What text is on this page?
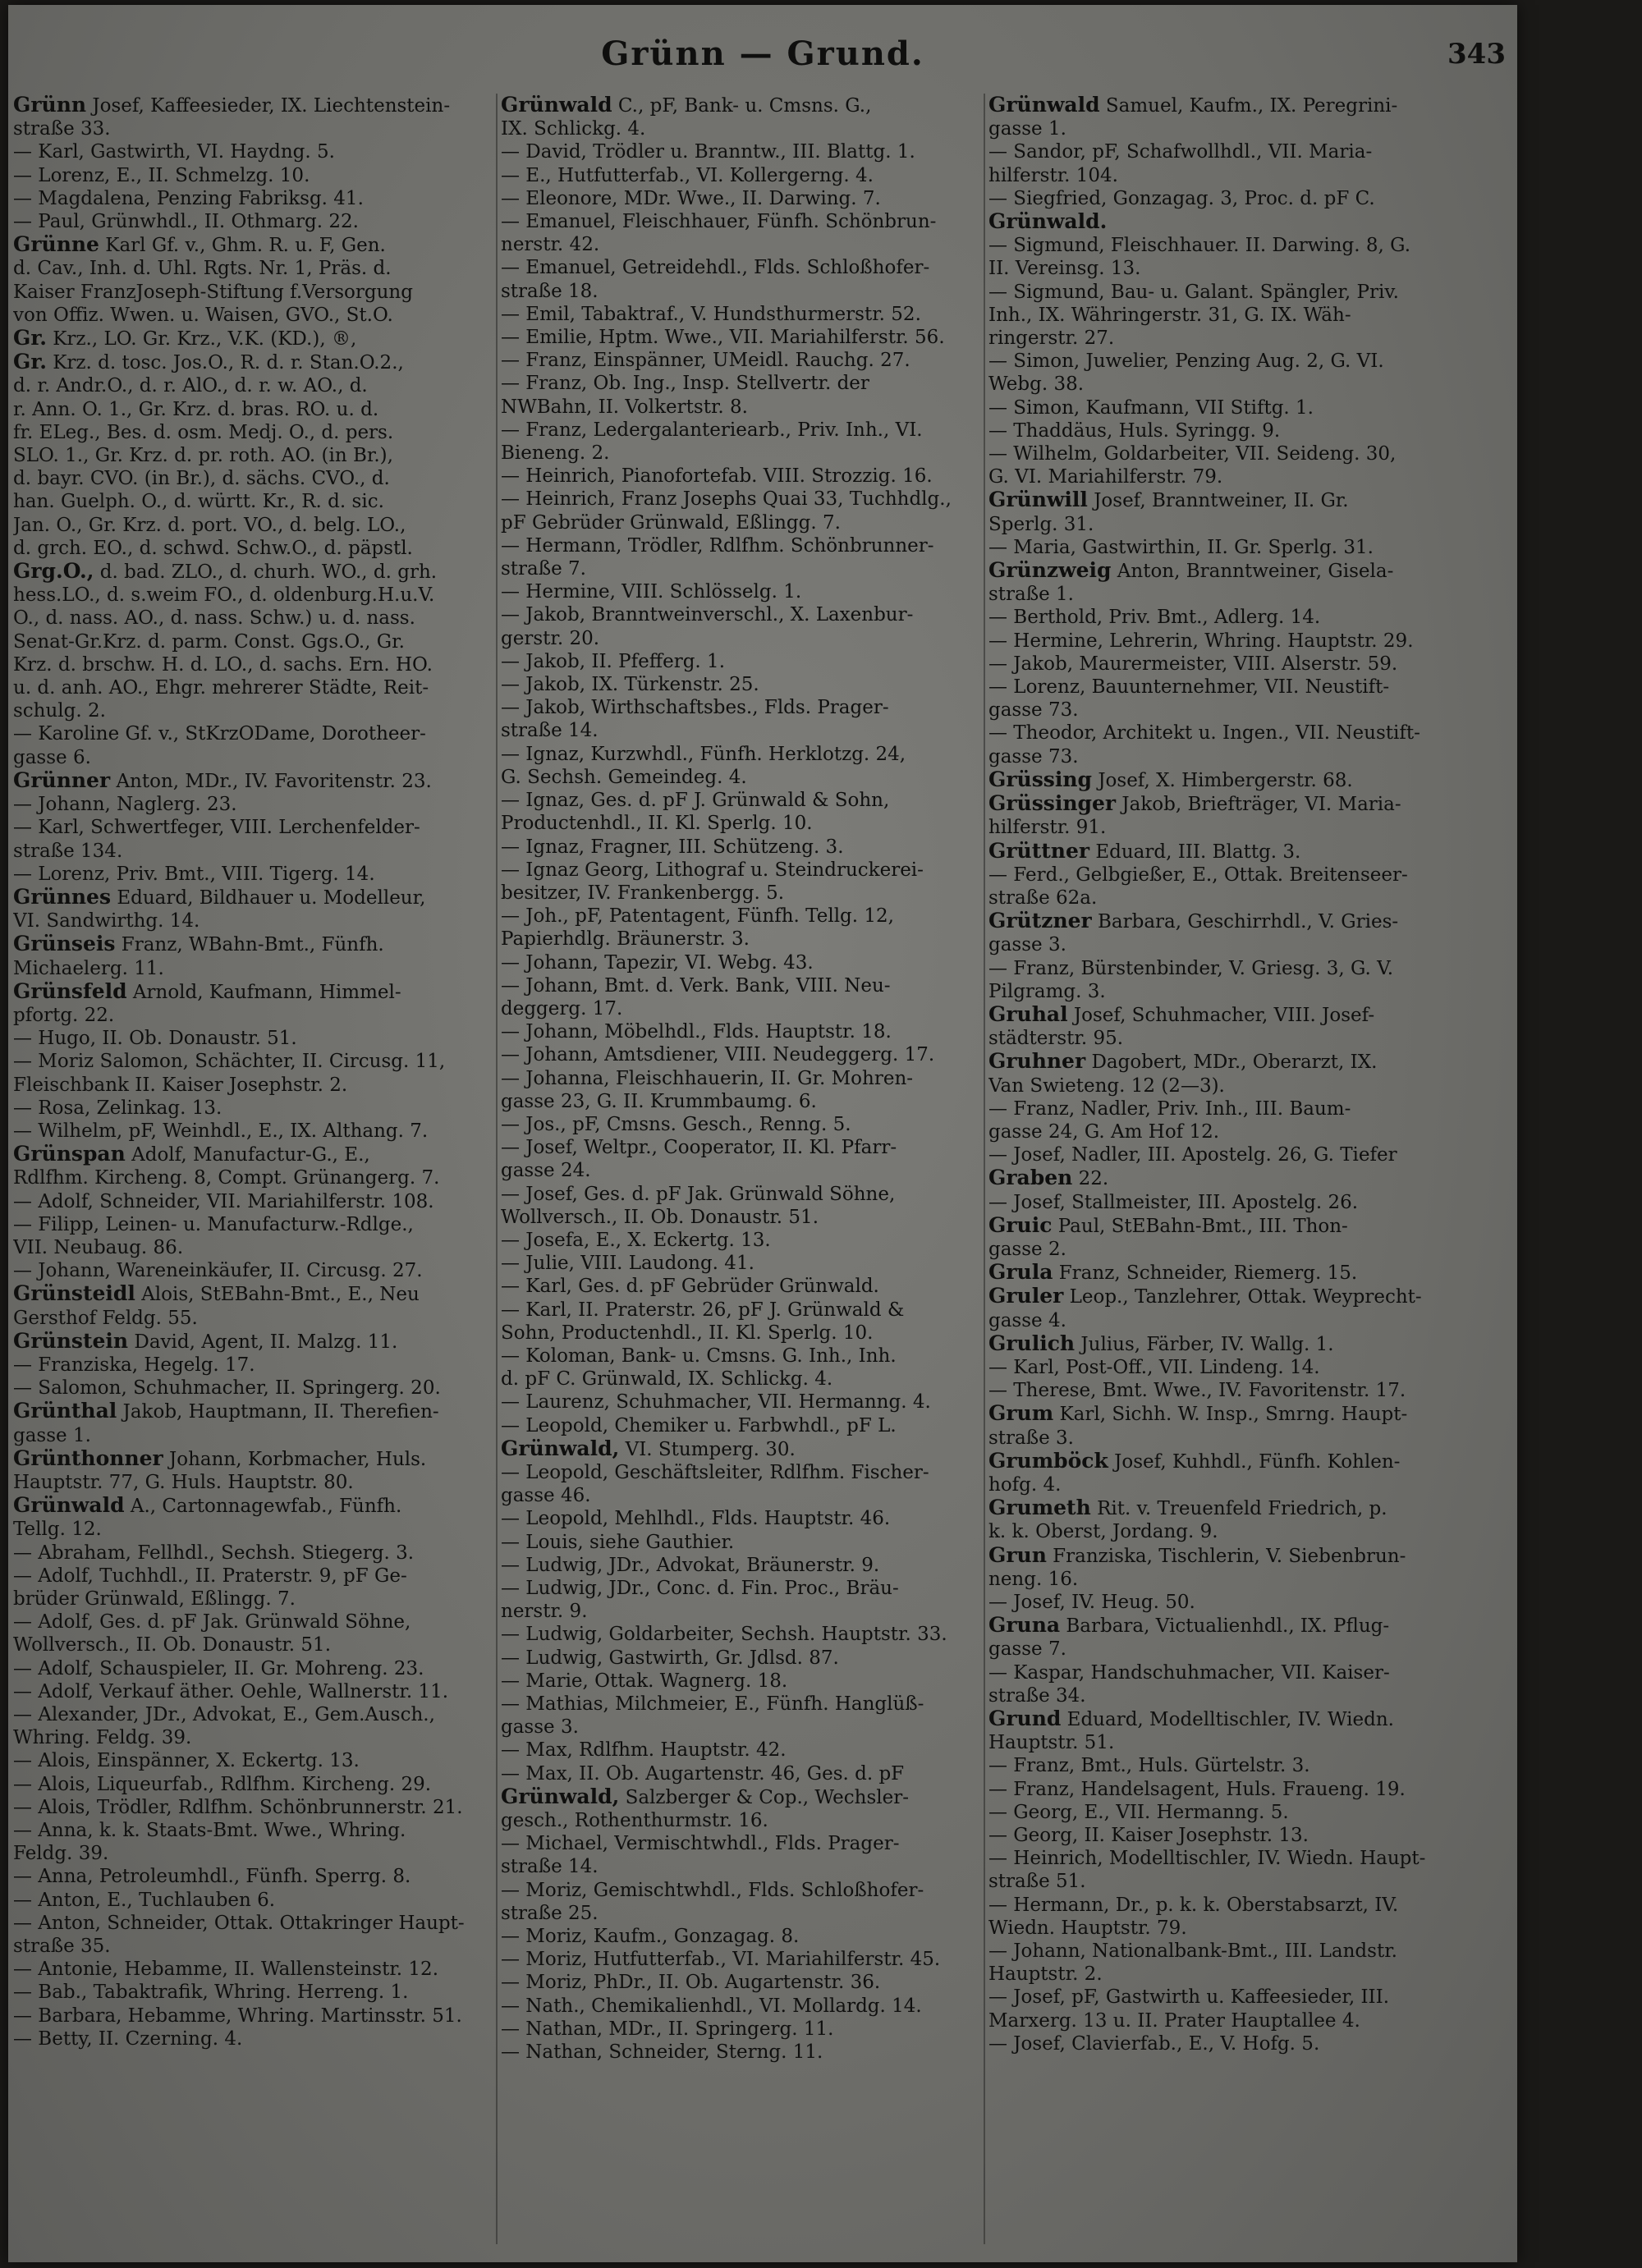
Grünn — Grund.	343
Grünn Josef, Kaffeesieder, IX. Liechtenstein-
straße 33.
— Karl, Gastwirth, VI. Haydng. 5.
— Lorenz, E., II. Schmelzg. 10.
— Magdalena, Penzing Fabriksg. 41.
— Paul, Grünwhdl., II. Othmarg. 22.
Grünne Karl Gf. v., Ghm. R. u. F, Gen.
d. Cav., Inh. d. Uhl. Rgts. Nr. 1, Präs. d.
Kaiser FranzJoseph-Stiftung f.Versorgung
von Offiz. Wwen. u. Waisen, GVO., St.O.
Gr. Krz., LO. Gr. Krz., V.K. (KD.), ®,
Gr. Krz. d. tosc. Jos.O., R. d. r. Stan.O.2.,
d. r. Andr.O., d. r. AlO., d. r. w. AO., d.
r. Ann. O. 1., Gr. Krz. d. bras. RO. u. d.
fr. ELeg., Bes. d. osm. Medj. O., d. pers.
SLO. 1., Gr. Krz. d. pr. roth. AO. (in Br.),
d. bayr. CVO. (in Br.), d. sächs. CVO., d.
han. Guelph. O., d. württ. Kr., R. d. sic.
Jan. O., Gr. Krz. d. port. VO., d. belg. LO.,
d. grch. EO., d. schwd. Schw.O., d. päpstl.
Grg.O., d. bad. ZLO., d. churh. WO., d. grh.
hess.LO., d. s.weim FO., d. oldenburg.H.u.V.
O., d. nass. AO., d. nass. Schw.) u. d. nass.
Senat-Gr.Krz. d. parm. Const. Ggs.O., Gr.
Krz. d. brschw. H. d. LO., d. sachs. Ern. HO.
u. d. anh. AO., Ehgr. mehrerer Städte, Reit-
schulg. 2.
— Karoline Gf. v., StKrzODame, Dorotheer-
gasse 6.
Grünner Anton, MDr., IV. Favoritenstr. 23.
— Johann, Naglerg. 23.
— Karl, Schwertfeger, VIII. Lerchenfelder-
straße 134.
— Lorenz, Priv. Bmt., VIII. Tigerg. 14.
Grünnes Eduard, Bildhauer u. Modelleur,
VI. Sandwirthg. 14.
Grünseis Franz, WBahn-Bmt., Fünfh.
Michaelerg. 11.
Grünsfeld Arnold, Kaufmann, Himmel-
pfortg. 22.
— Hugo, II. Ob. Donaustr. 51.
— Moriz Salomon, Schächter, II. Circusg. 11,
Fleischbank II. Kaiser Josephstr. 2.
— Rosa, Zelinkag. 13.
— Wilhelm, pF, Weinhdl., E., IX. Althang. 7.
Grünspan Adolf, Manufactur-G., E.,
Rdlfhm. Kircheng. 8, Compt. Grünangerg. 7.
— Adolf, Schneider, VII. Mariahilferstr. 108.
— Filipp, Leinen- u. Manufacturw.-Rdlge.,
VII. Neubaug. 86.
— Johann, Wareneinkäufer, II. Circusg. 27.
Grünsteidl Alois, StEBahn-Bmt., E., Neu
Gersthof Feldg. 55.
Grünstein David, Agent, II. Malzg. 11.
— Franziska, Hegelg. 17.
— Salomon, Schuhmacher, II. Springerg. 20.
Grünthal Jakob, Hauptmann, II. Therefien-
gasse 1.
Grünthonner Johann, Korbmacher, Huls.
Hauptstr. 77, G. Huls. Hauptstr. 80.
Grünwald A., Cartonnagewfab., Fünfh.
Tellg. 12.
— Abraham, Fellhdl., Sechsh. Stiegerg. 3.
— Adolf, Tuchhdl., II. Praterstr. 9, pF Ge-
brüder Grünwald, Eßlingg. 7.
— Adolf, Ges. d. pF Jak. Grünwald Söhne,
Wollversch., II. Ob. Donaustr. 51.
— Adolf, Schauspieler, II. Gr. Mohreng. 23.
— Adolf, Verkauf äther. Oehle, Wallnerstr. 11.
— Alexander, JDr., Advokat, E., Gem.Ausch.,
Whring. Feldg. 39.
— Alois, Einspänner, X. Eckertg. 13.
— Alois, Liqueurfab., Rdlfhm. Kircheng. 29.
— Alois, Trödler, Rdlfhm. Schönbrunnerstr. 21.
— Anna, k. k. Staats-Bmt. Wwe., Whring.
Feldg. 39.
— Anna, Petroleumhdl., Fünfh. Sperrg. 8.
— Anton, E., Tuchlauben 6.
— Anton, Schneider, Ottak. Ottakringer Haupt-
straße 35.
— Antonie, Hebamme, II. Wallensteinstr. 12.
— Bab., Tabaktrafik, Whring. Herreng. 1.
— Barbara, Hebamme, Whring. Martinsstr. 51.
— Betty, II. Czerning. 4.
Grünwald C., pF, Bank- u. Cmsns. G.,
IX. Schlickg. 4.
— David, Trödler u. Branntw., III. Blattg. 1.
— E., Hutfutterfab., VI. Kollergerng. 4.
— Eleonore, MDr. Wwe., II. Darwing. 7.
— Emanuel, Fleischhauer, Fünfh. Schönbrun-
nerstr. 42.
— Emanuel, Getreidehdl., Flds. Schloßhofer-
straße 18.
— Emil, Tabaktraf., V. Hundsthurmerstr. 52.
— Emilie, Hptm. Wwe., VII. Mariahilferstr. 56.
— Franz, Einspänner, UMeidl. Rauchg. 27.
— Franz, Ob. Ing., Insp. Stellvertr. der
NWBahn, II. Volkertstr. 8.
— Franz, Ledergalanteriearb., Priv. Inh., VI.
Bieneng. 2.
— Heinrich, Pianofortefab. VIII. Strozzig. 16.
— Heinrich, Franz Josephs Quai 33, Tuchhdlg.,
pF Gebrüder Grünwald, Eßlingg. 7.
— Hermann, Trödler, Rdlfhm. Schönbrunner-
straße 7.
— Hermine, VIII. Schlösselg. 1.
— Jakob, Branntweinverschl., X. Laxenbur-
gerstr. 20.
— Jakob, II. Pfefferg. 1.
— Jakob, IX. Türkenstr. 25.
— Jakob, Wirthschaftsbes., Flds. Prager-
straße 14.
— Ignaz, Kurzwhdl., Fünfh. Herklotzg. 24,
G. Sechsh. Gemeindeg. 4.
— Ignaz, Ges. d. pF J. Grünwald & Sohn,
Productenhdl., II. Kl. Sperlg. 10.
— Ignaz, Fragner, III. Schützeng. 3.
— Ignaz Georg, Lithograf u. Steindruckerei-
besitzer, IV. Frankenbergg. 5.
— Joh., pF, Patentagent, Fünfh. Tellg. 12,
Papierhdlg. Bräunerstr. 3.
— Johann, Tapezir, VI. Webg. 43.
— Johann, Bmt. d. Verk. Bank, VIII. Neu-
deggerg. 17.
— Johann, Möbelhdl., Flds. Hauptstr. 18.
— Johann, Amtsdiener, VIII. Neudeggerg. 17.
— Johanna, Fleischhauerin, II. Gr. Mohren-
gasse 23, G. II. Krummbaumg. 6.
— Jos., pF, Cmsns. Gesch., Renng. 5.
— Josef, Weltpr., Cooperator, II. Kl. Pfarr-
gasse 24.
— Josef, Ges. d. pF Jak. Grünwald Söhne,
Wollversch., II. Ob. Donaustr. 51.
— Josefa, E., X. Eckertg. 13.
— Julie, VIII. Laudong. 41.
— Karl, Ges. d. pF Gebrüder Grünwald.
— Karl, II. Praterstr. 26, pF J. Grünwald &
Sohn, Productenhdl., II. Kl. Sperlg. 10.
— Koloman, Bank- u. Cmsns. G. Inh., Inh.
d. pF C. Grünwald, IX. Schlickg. 4.
— Laurenz, Schuhmacher, VII. Hermanng. 4.
— Leopold, Chemiker u. Farbwhdl., pF L.
Grünwald, VI. Stumperg. 30.
— Leopold, Geschäftsleiter, Rdlfhm. Fischer-
gasse 46.
— Leopold, Mehlhdl., Flds. Hauptstr. 46.
— Louis, siehe Gauthier.
— Ludwig, JDr., Advokat, Bräunerstr. 9.
— Ludwig, JDr., Conc. d. Fin. Proc., Bräu-
nerstr. 9.
— Ludwig, Goldarbeiter, Sechsh. Hauptstr. 33.
— Ludwig, Gastwirth, Gr. Jdlsd. 87.
— Marie, Ottak. Wagnerg. 18.
— Mathias, Milchmeier, E., Fünfh. Hanglüß-
gasse 3.
— Max, Rdlfhm. Hauptstr. 42.
— Max, II. Ob. Augartenstr. 46, Ges. d. pF
Grünwald, Salzberger & Cop., Wechsler-
gesch., Rothenthurmstr. 16.
— Michael, Vermischtwhdl., Flds. Prager-
straße 14.
— Moriz, Gemischtwhdl., Flds. Schloßhofer-
straße 25.
— Moriz, Kaufm., Gonzagag. 8.
— Moriz, Hutfutterfab., VI. Mariahilferstr. 45.
— Moriz, PhDr., II. Ob. Augartenstr. 36.
— Nath., Chemikalienhdl., VI. Mollardg. 14.
— Nathan, MDr., II. Springerg. 11.
— Nathan, Schneider, Sterng. 11.
Grünwald Samuel, Kaufm., IX. Peregrini-
gasse 1.
— Sandor, pF, Schafwollhdl., VII. Maria-
hilferstr. 104.
— Siegfried, Gonzagag. 3, Proc. d. pF C.
Grünwald.
— Sigmund, Fleischhauer. II. Darwing. 8, G.
II. Vereinsg. 13.
— Sigmund, Bau- u. Galant. Spängler, Priv.
Inh., IX. Währingerstr. 31, G. IX. Wäh-
ringerstr. 27.
— Simon, Juwelier, Penzing Aug. 2, G. VI.
Webg. 38.
— Simon, Kaufmann, VII Stiftg. 1.
— Thaddäus, Huls. Syringg. 9.
— Wilhelm, Goldarbeiter, VII. Seideng. 30,
G. VI. Mariahilferstr. 79.
Grünwill Josef, Branntweiner, II. Gr.
Sperlg. 31.
— Maria, Gastwirthin, II. Gr. Sperlg. 31.
Grünzweig Anton, Branntweiner, Gisela-
straße 1.
— Berthold, Priv. Bmt., Adlerg. 14.
— Hermine, Lehrerin, Whring. Hauptstr. 29.
— Jakob, Maurermeister, VIII. Alserstr. 59.
— Lorenz, Bauunternehmer, VII. Neustift-
gasse 73.
— Theodor, Architekt u. Ingen., VII. Neustift-
gasse 73.
Grüssing Josef, X. Himbergerstr. 68.
Grüssinger Jakob, Briefträger, VI. Maria-
hilferstr. 91.
Grüttner Eduard, III. Blattg. 3.
— Ferd., Gelbgießer, E., Ottak. Breitenseer-
straße 62a.
Grützner Barbara, Geschirrhdl., V. Gries-
gasse 3.
— Franz, Bürstenbinder, V. Griesg. 3, G. V.
Pilgramg. 3.
Gruhal Josef, Schuhmacher, VIII. Josef-
städterstr. 95.
Gruhner Dagobert, MDr., Oberarzt, IX.
Van Swieteng. 12 (2—3).
— Franz, Nadler, Priv. Inh., III. Baum-
gasse 24, G. Am Hof 12.
— Josef, Nadler, III. Apostelg. 26, G. Tiefer
Graben 22.
— Josef, Stallmeister, III. Apostelg. 26.
Gruic Paul, StEBahn-Bmt., III. Thon-
gasse 2.
Grula Franz, Schneider, Riemerg. 15.
Gruler Leop., Tanzlehrer, Ottak. Weyprecht-
gasse 4.
Grulich Julius, Färber, IV. Wallg. 1.
— Karl, Post-Off., VII. Lindeng. 14.
— Therese, Bmt. Wwe., IV. Favoritenstr. 17.
Grum Karl, Sichh. W. Insp., Smrng. Haupt-
straße 3.
Grumböck Josef, Kuhhdl., Fünfh. Kohlen-
hofg. 4.
Grumeth Rit. v. Treuenfeld Friedrich, p.
k. k. Oberst, Jordang. 9.
Grun Franziska, Tischlerin, V. Siebenbrun-
neng. 16.
— Josef, IV. Heug. 50.
Gruna Barbara, Victualienhdl., IX. Pflug-
gasse 7.
— Kaspar, Handschuhmacher, VII. Kaiser-
straße 34.
Grund Eduard, Modelltischler, IV. Wiedn.
Hauptstr. 51.
— Franz, Bmt., Huls. Gürtelstr. 3.
— Franz, Handelsagent, Huls. Fraueng. 19.
— Georg, E., VII. Hermanng. 5.
— Georg, II. Kaiser Josephstr. 13.
— Heinrich, Modelltischler, IV. Wiedn. Haupt-
straße 51.
— Hermann, Dr., p. k. k. Oberstabsarzt, IV.
Wiedn. Hauptstr. 79.
— Johann, Nationalbank-Bmt., III. Landstr.
Hauptstr. 2.
— Josef, pF, Gastwirth u. Kaffeesieder, III.
Marxerg. 13 u. II. Prater Hauptallee 4.
— Josef, Clavierfab., E., V. Hofg. 5.
